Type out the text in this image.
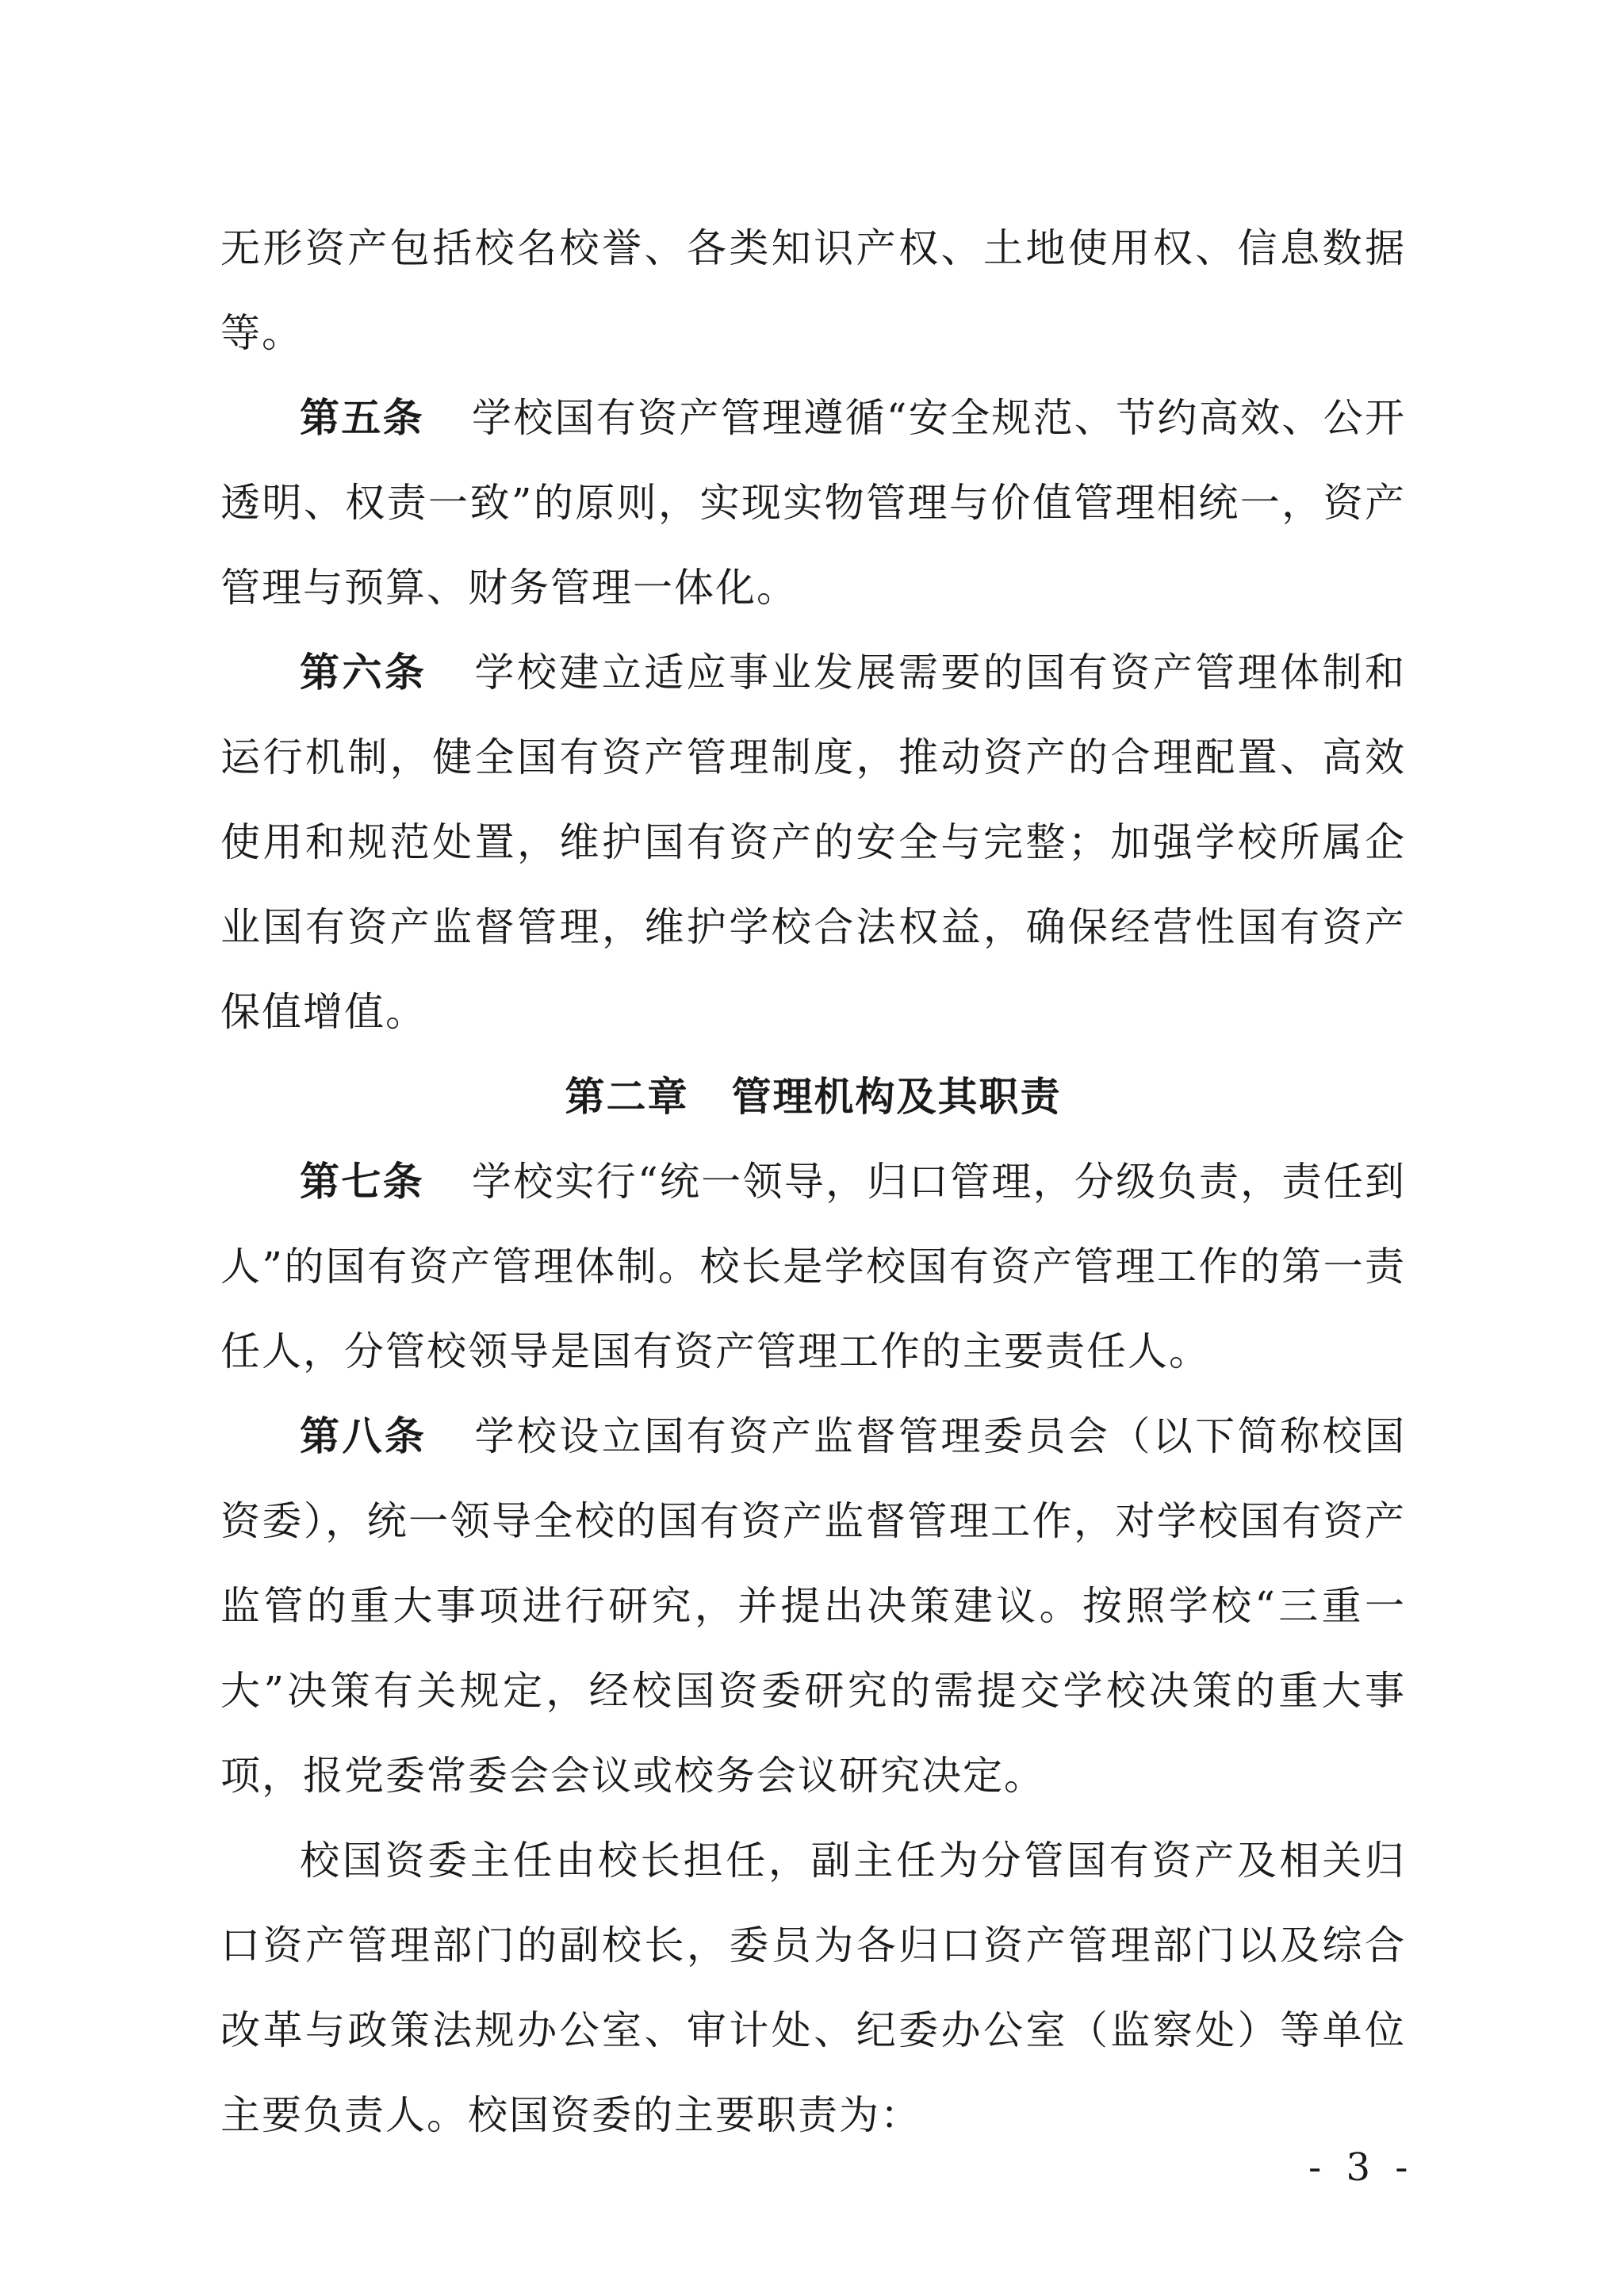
无形资产包括校名校誉、各类知识产权、土地使用权、信息数据等。

第五条 学校国有资产管理遵循“安全规范、节约高效、公开透明、权责一致”的原则，实现实物管理与价值管理相统一，资产管理与预算、财务管理一体化。

第六条 学校建立适应事业发展需要的国有资产管理体制和运行机制，健全国有资产管理制度，推动资产的合理配置、高效使用和规范处置，维护国有资产的安全与完整；加强学校所属企业国有资产监督管理，维护学校合法权益，确保经营性国有资产保值增值。

第二章 管理机构及其职责

第七条 学校实行“统一领导，归口管理，分级负责，责任到人”的国有资产管理体制。校长是学校国有资产管理工作的第一责任人，分管校领导是国有资产管理工作的主要责任人。

第八条 学校设立国有资产监督管理委员会（以下简称校国资委），统一领导全校的国有资产监督管理工作，对学校国有资产监管的重大事项进行研究，并提出决策建议。按照学校“三重一大”决策有关规定，经校国资委研究的需提交学校决策的重大事项，报党委常委会会议或校务会议研究决定。

校国资委主任由校长担任，副主任为分管国有资产及相关归口资产管理部门的副校长，委员为各归口资产管理部门以及综合改革与政策法规办公室、审计处、纪委办公室（监察处）等单位主要负责人。校国资委的主要职责为：

- 3 -
